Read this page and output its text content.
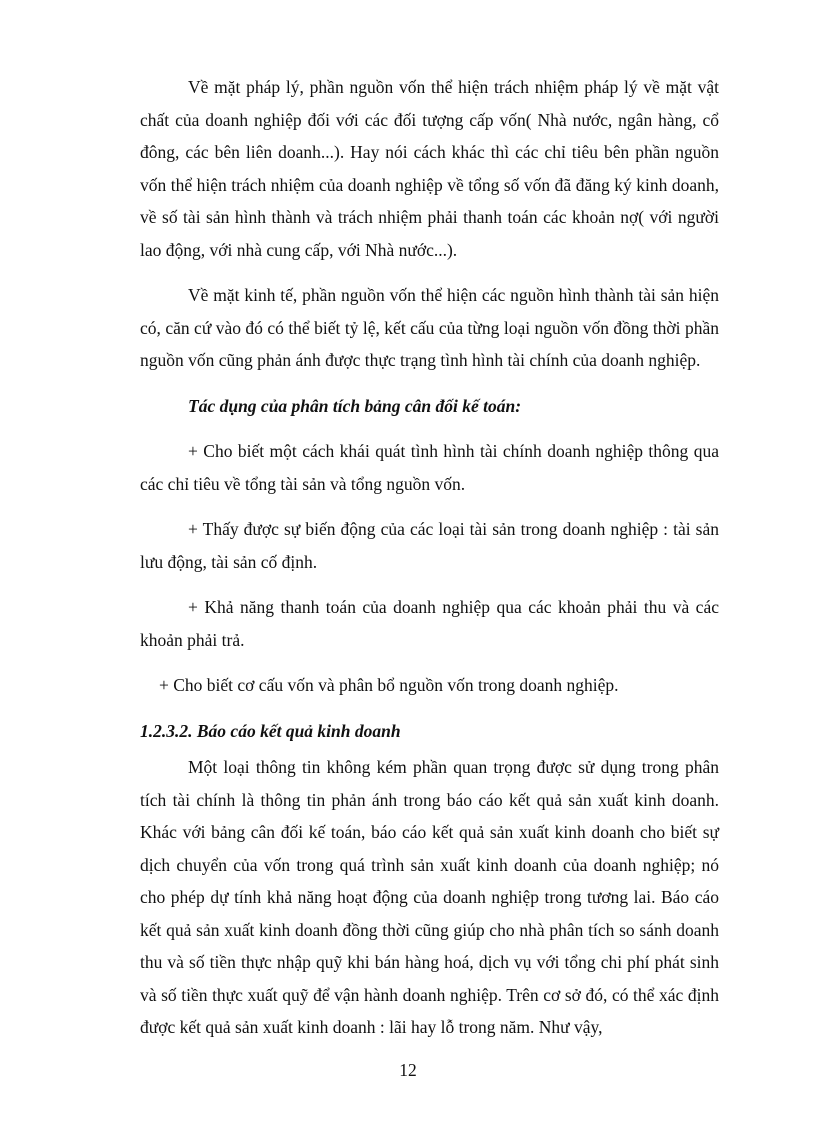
Về mặt pháp lý, phần nguồn vốn thể hiện trách nhiệm pháp lý về mặt vật chất của doanh nghiệp đối với các đối tượng cấp vốn( Nhà nước, ngân hàng, cổ đông, các bên liên doanh...). Hay nói cách khác thì các chỉ tiêu bên phần nguồn vốn thể hiện trách nhiệm của doanh nghiệp về tổng số vốn đã đăng ký kinh doanh, về số tài sản hình thành và trách nhiệm phải thanh toán các khoản nợ( với người lao động, với nhà cung cấp, với Nhà nước...).

Về mặt kinh tế, phần nguồn vốn thể hiện các nguồn hình thành tài sản hiện có, căn cứ vào đó có thể biết tỷ lệ, kết cấu của từng loại nguồn vốn đồng thời phần nguồn vốn cũng phản ánh được thực trạng tình hình tài chính của doanh nghiệp.

Tác dụng của phân tích bảng cân đối kế toán:

+ Cho biết một cách khái quát tình hình tài chính doanh nghiệp thông qua các chỉ tiêu về tổng tài sản và tổng nguồn vốn.

+ Thấy được sự biến động của các loại tài sản trong doanh nghiệp : tài sản lưu động, tài sản cố định.

+ Khả năng thanh toán của doanh nghiệp qua các khoản phải thu và các khoản phải trả.

+ Cho biết cơ cấu vốn và phân bổ nguồn vốn trong doanh nghiệp.

1.2.3.2. Báo cáo kết quả kinh doanh

Một loại thông tin không kém phần quan trọng được sử dụng trong phân tích tài chính là thông tin phản ánh trong báo cáo kết quả sản xuất kinh doanh. Khác với bảng cân đối kế toán, báo cáo kết quả sản xuất kinh doanh cho biết sự dịch chuyển của vốn trong quá trình sản xuất kinh doanh của doanh nghiệp; nó cho phép dự tính khả năng hoạt động của doanh nghiệp trong tương lai. Báo cáo kết quả sản xuất kinh doanh đồng thời cũng giúp cho nhà phân tích so sánh doanh thu và số tiền thực nhập quỹ khi bán hàng hoá, dịch vụ với tổng chi phí phát sinh và số tiền thực xuất quỹ để vận hành doanh nghiệp. Trên cơ sở đó, có thể xác định được kết quả sản xuất kinh doanh : lãi hay lỗ trong năm. Như vậy,

12
